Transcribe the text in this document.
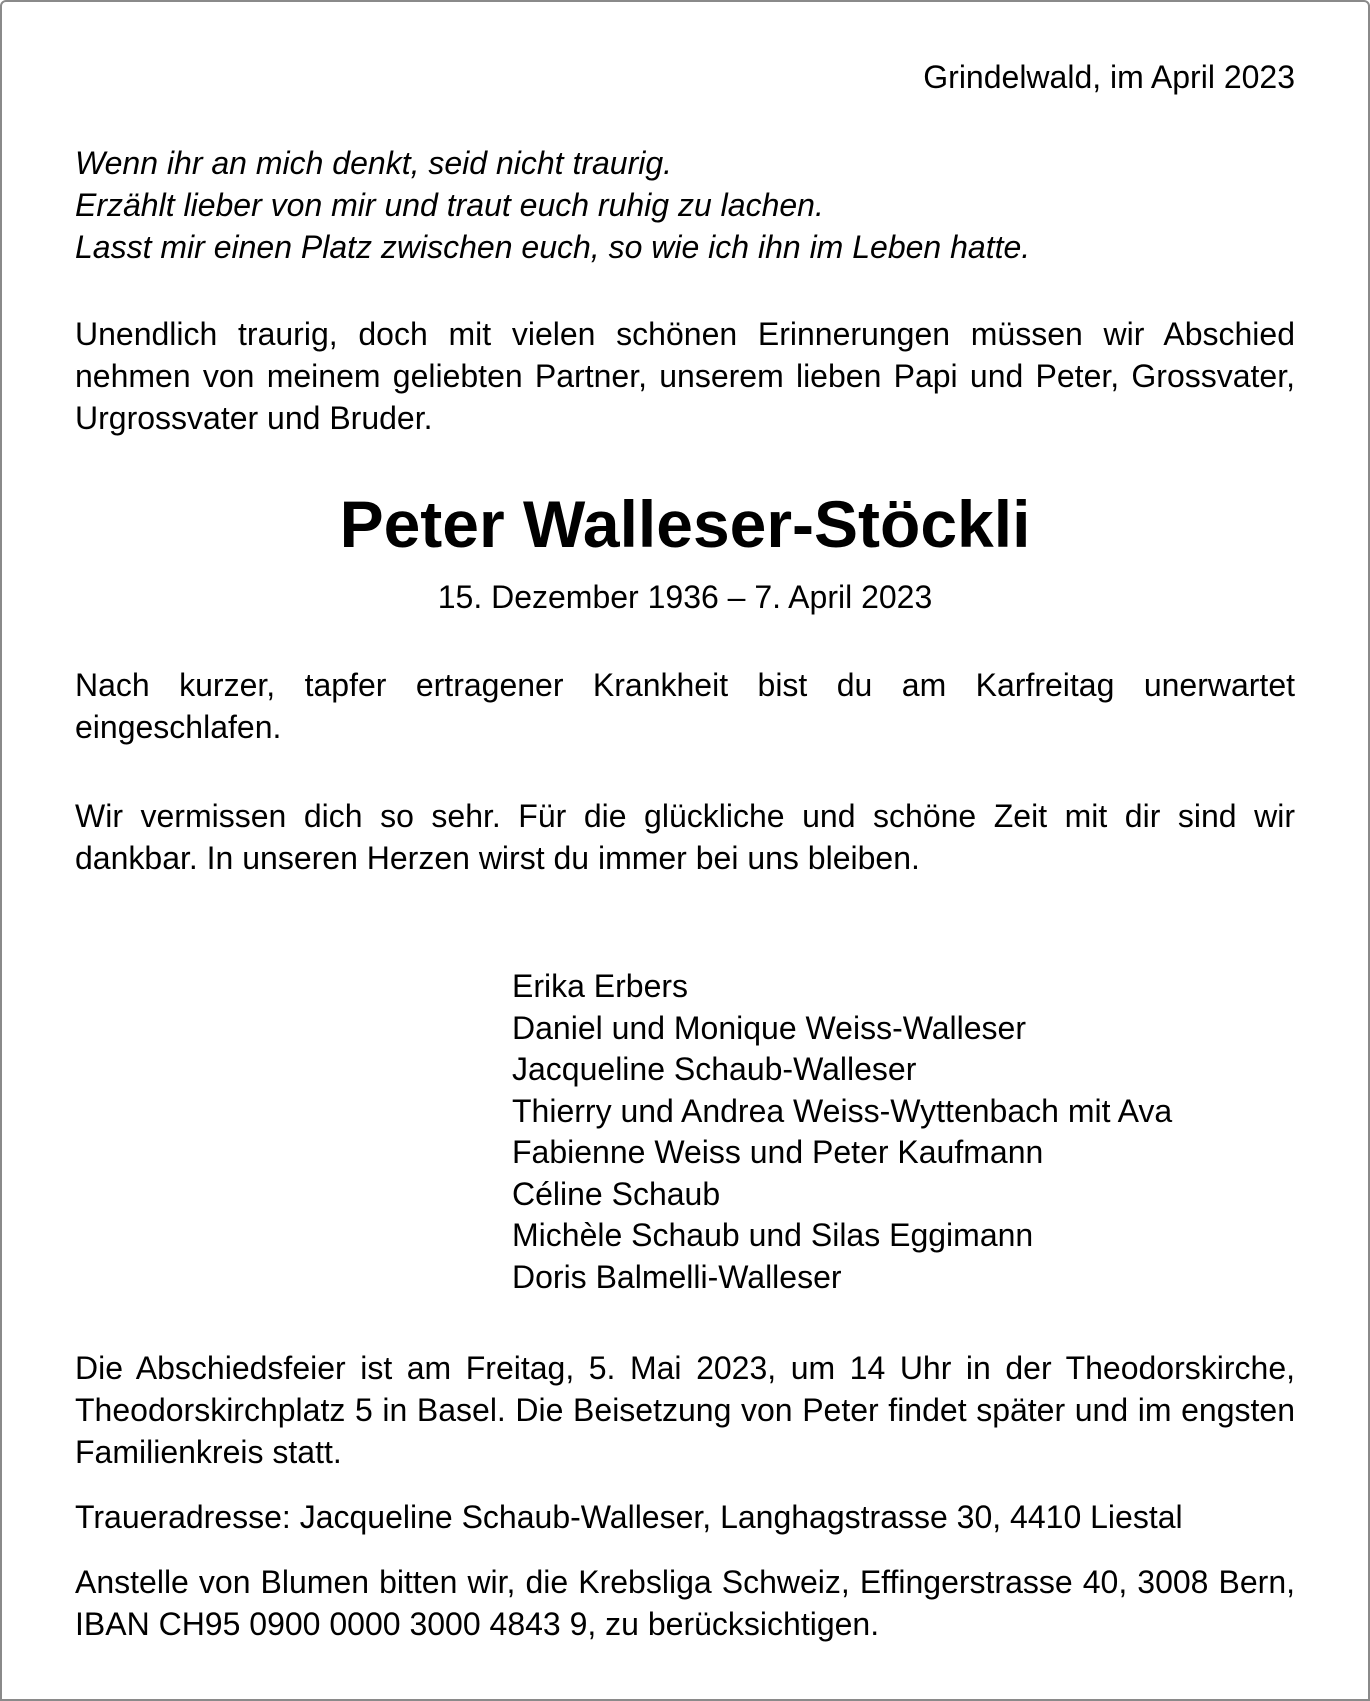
Grindelwald, im April 2023
Wenn ihr an mich denkt, seid nicht traurig.
Erzählt lieber von mir und traut euch ruhig zu lachen.
Lasst mir einen Platz zwischen euch, so wie ich ihn im Leben hatte.
Unendlich traurig, doch mit vielen schönen Erinnerungen müssen wir Abschied nehmen von meinem geliebten Partner, unserem lieben Papi und Peter, Grossvater, Urgrossvater und Bruder.
Peter Walleser-Stöckli
15. Dezember 1936 – 7. April 2023
Nach kurzer, tapfer ertragener Krankheit bist du am Karfreitag unerwartet eingeschlafen.
Wir vermissen dich so sehr. Für die glückliche und schöne Zeit mit dir sind wir dankbar. In unseren Herzen wirst du immer bei uns bleiben.
Erika Erbers
Daniel und Monique Weiss-Walleser
Jacqueline Schaub-Walleser
Thierry und Andrea Weiss-Wyttenbach mit Ava
Fabienne Weiss und Peter Kaufmann
Céline Schaub
Michèle Schaub und Silas Eggimann
Doris Balmelli-Walleser
Die Abschiedsfeier ist am Freitag, 5. Mai 2023, um 14 Uhr in der Theodorskirche, Theodorskirchplatz 5 in Basel. Die Beisetzung von Peter findet später und im engsten Familienkreis statt.
Traueradresse: Jacqueline Schaub-Walleser, Langhagstrasse 30, 4410 Liestal
Anstelle von Blumen bitten wir, die Krebsliga Schweiz, Effingerstrasse 40, 3008 Bern, IBAN CH95 0900 0000 3000 4843 9, zu berücksichtigen.
